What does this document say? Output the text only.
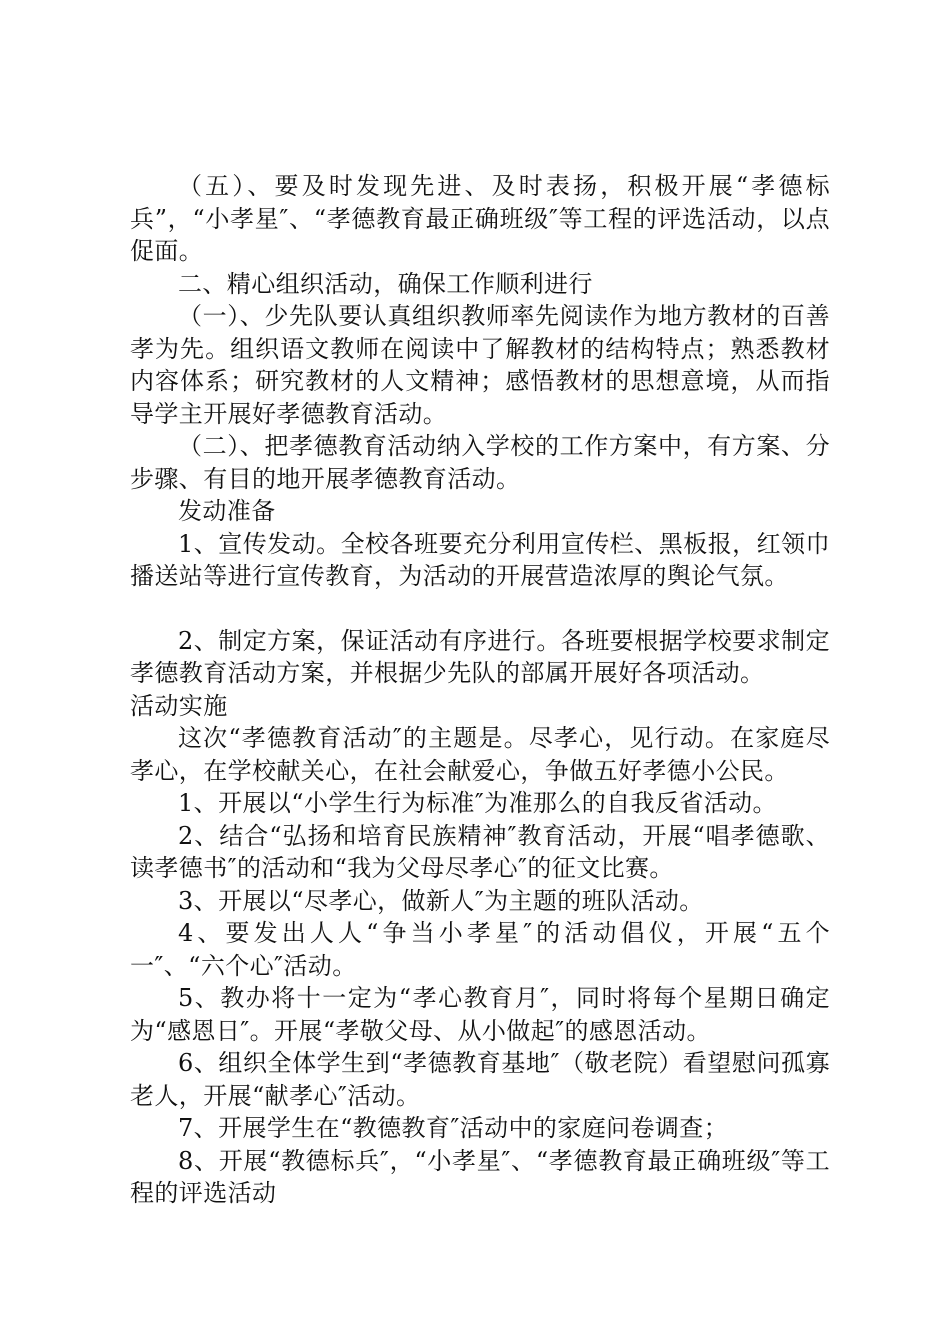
（五）、要及时发现先进、及时表扬，积极开展“孝德标兵”，“小孝星″、“孝德教育最正确班级″等工程的评选活动，以点促面。

二、精心组织活动，确保工作顺利进行

（一）、少先队要认真组织教师率先阅读作为地方教材的百善孝为先。组织语文教师在阅读中了解教材的结构特点；熟悉教材内容体系；研究教材的人文精神；感悟教材的思想意境，从而指导学主开展好孝德教育活动。

（二）、把孝德教育活动纳入学校的工作方案中，有方案、分步骤、有目的地开展孝德教育活动。

发动准备

1、宣传发动。全校各班要充分利用宣传栏、黑板报，红领巾播送站等进行宣传教育，为活动的开展营造浓厚的舆论气氛。

2、制定方案，保证活动有序进行。各班要根据学校要求制定孝德教育活动方案，并根据少先队的部属开展好各项活动。

活动实施

这次“孝德教育活动″的主题是。尽孝心，见行动。在家庭尽孝心，在学校献关心，在社会献爱心，争做五好孝德小公民。

1、开展以“小学生行为标准″为准那么的自我反省活动。

2、结合“弘扬和培育民族精神″教育活动，开展“唱孝德歌、读孝德书″的活动和“我为父母尽孝心″的征文比赛。

3、开展以“尽孝心，做新人″为主题的班队活动。

4、要发出人人“争当小孝星″的活动倡仪，开展“五个一″、“六个心″活动。

5、教办将十一定为“孝心教育月″，同时将每个星期日确定为“感恩日″。开展“孝敬父母、从小做起″的感恩活动。

6、组织全体学生到“孝德教育基地″（敬老院）看望慰问孤寡老人，开展“献孝心″活动。

7、开展学生在“教德教育″活动中的家庭问卷调查；

8、开展“教德标兵″，“小孝星″、“孝德教育最正确班级″等工程的评选活动
